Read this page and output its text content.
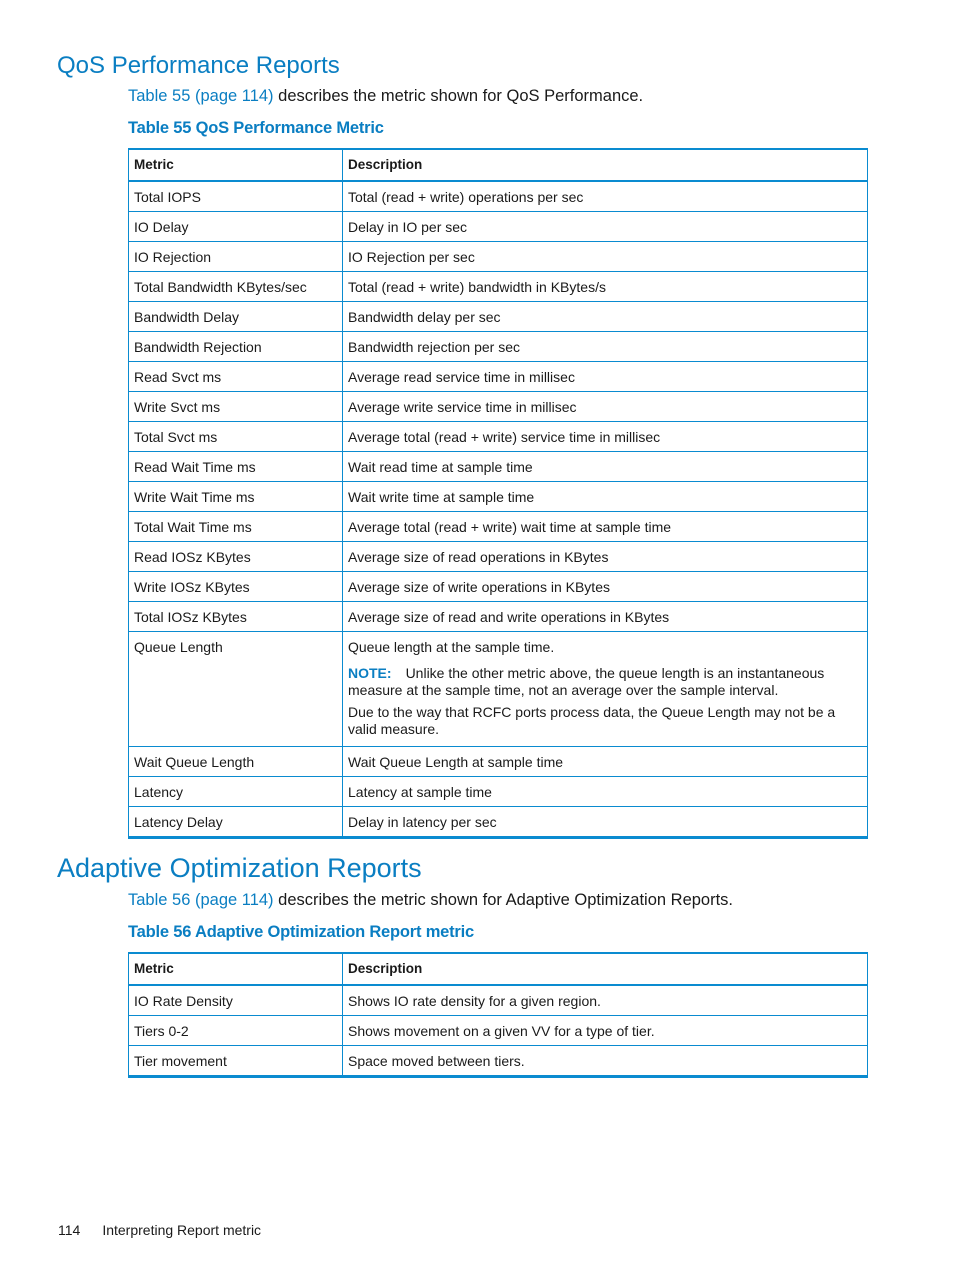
QoS Performance Reports

Table 55 (page 114) describes the metric shown for QoS Performance.

Table 55 QoS Performance Metric

Metric	Description
Total IOPS	Total (read + write) operations per sec
IO Delay	Delay in IO per sec
IO Rejection	IO Rejection per sec
Total Bandwidth KBytes/sec	Total (read + write) bandwidth in KBytes/s
Bandwidth Delay	Bandwidth delay per sec
Bandwidth Rejection	Bandwidth rejection per sec
Read Svct ms	Average read service time in millisec
Write Svct ms	Average write service time in millisec
Total Svct ms	Average total (read + write) service time in millisec
Read Wait Time ms	Wait read time at sample time
Write Wait Time ms	Wait write time at sample time
Total Wait Time ms	Average total (read + write) wait time at sample time
Read IOSz KBytes	Average size of read operations in KBytes
Write IOSz KBytes	Average size of write operations in KBytes
Total IOSz KBytes	Average size of read and write operations in KBytes
Queue Length	Queue length at the sample time.

NOTE: Unlike the other metric above, the queue length is an instantaneous measure at the sample time, not an average over the sample interval.

Due to the way that RCFC ports process data, the Queue Length may not be a valid measure.

Wait Queue Length	Wait Queue Length at sample time
Latency	Latency at sample time
Latency Delay	Delay in latency per sec
Adaptive Optimization Reports

Table 56 (page 114) describes the metric shown for Adaptive Optimization Reports.

Table 56 Adaptive Optimization Report metric

Metric	Description
IO Rate Density	Shows IO rate density for a given region.
Tiers 0-2	Shows movement on a given VV for a type of tier.
Tier movement	Space moved between tiers.
114 Interpreting Report metric
